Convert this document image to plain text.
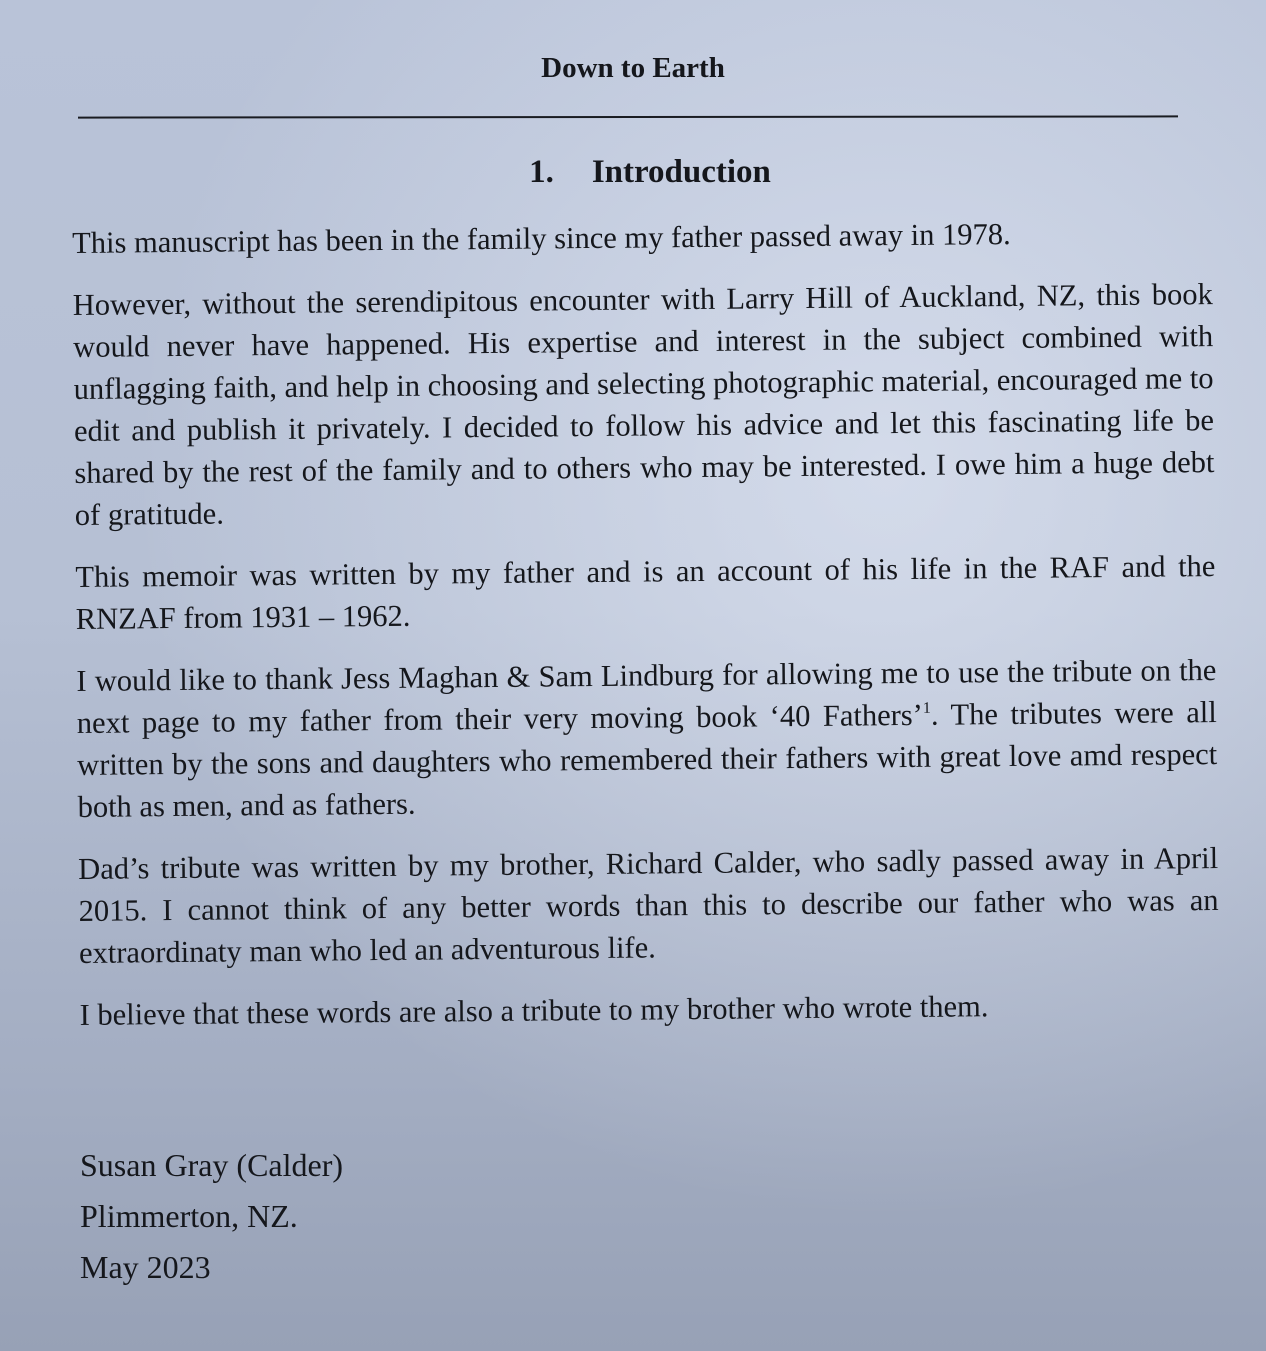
Down to Earth
1. Introduction

This manuscript has been in the family since my father passed away in 1978.

However, without the serendipitous encounter with Larry Hill of Auckland, NZ, this book would never have happened. His expertise and interest in the subject combined with unflagging faith, and help in choosing and selecting photographic material, encouraged me to edit and publish it privately. I decided to follow his advice and let this fascinating life be shared by the rest of the family and to others who may be interested. I owe him a huge debt of gratitude.

This memoir was written by my father and is an account of his life in the RAF and the RNZAF from 1931 – 1962.

I would like to thank Jess Maghan & Sam Lindburg for allowing me to use the tribute on the next page to my father from their very moving book ‘40 Fathers’$^1$. The tributes were all written by the sons and daughters who remembered their fathers with great love amd respect both as men, and as fathers.

Dad’s tribute was written by my brother, Richard Calder, who sadly passed away in April 2015. I cannot think of any better words than this to describe our father who was an extraordinaty man who led an adventurous life.

I believe that these words are also a tribute to my brother who wrote them.

Susan Gray (Calder)
Plimmerton, NZ.
May 2023
